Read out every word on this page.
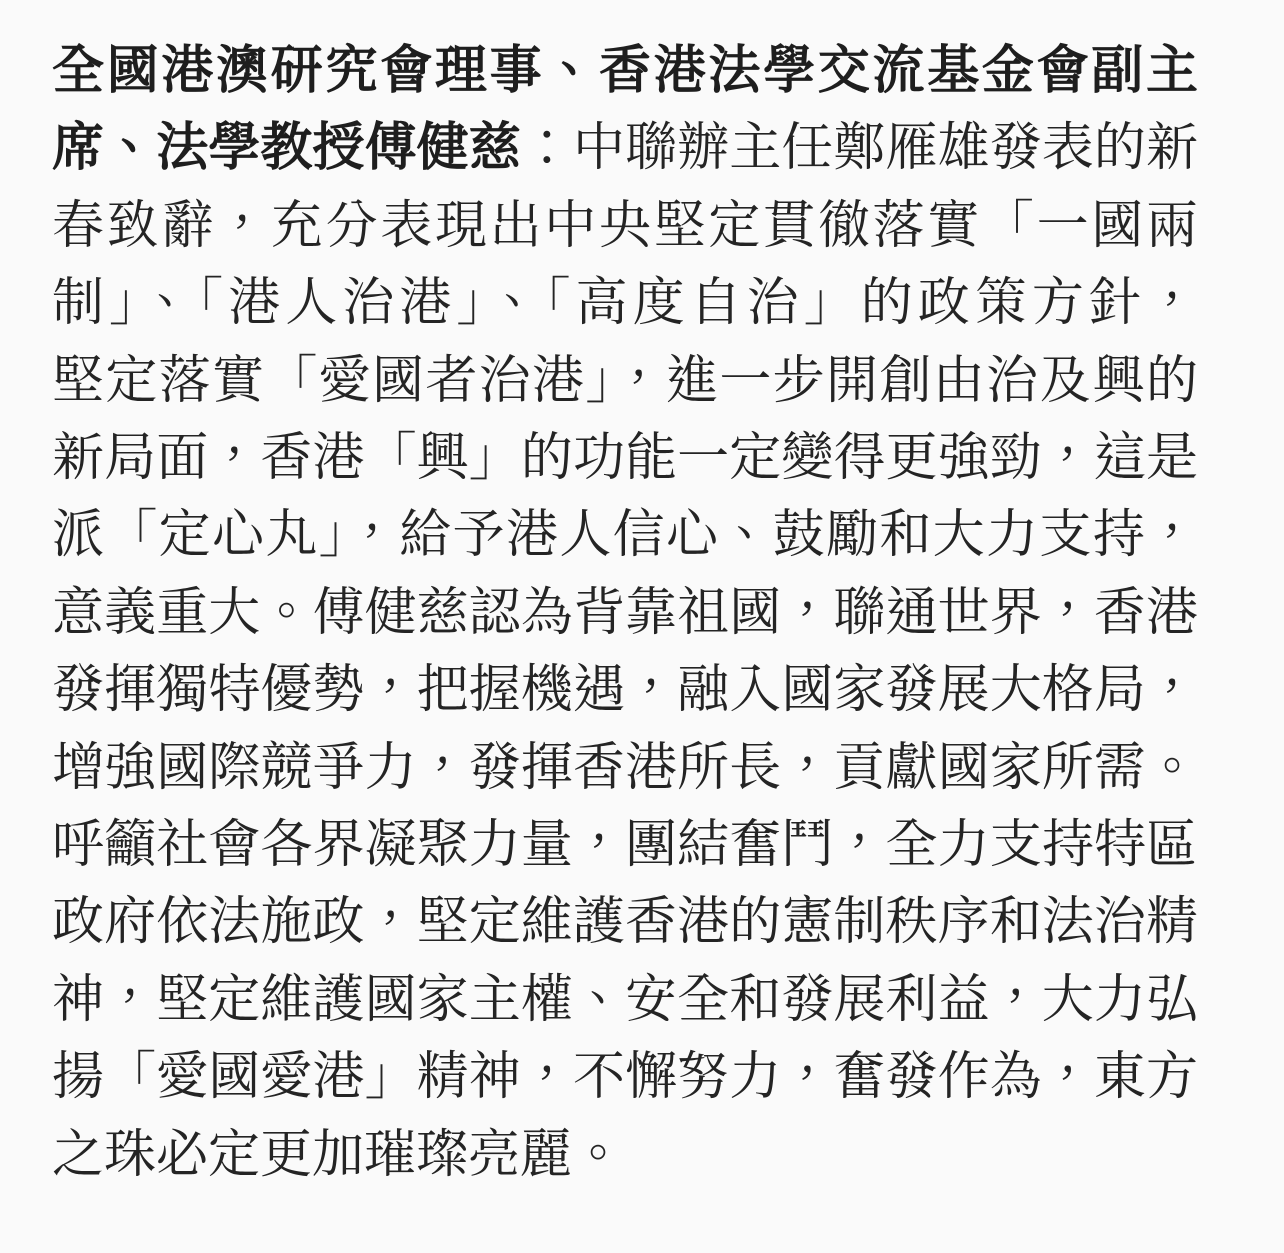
全國港澳研究會理事、香港法學交流基金會副主
席、法學教授傅健慈：中聯辦主任鄭雁雄發表的新
春致辭，充分表現出中央堅定貫徹落實「一國兩
制」、「港人治港」、「高度自治」的政策方針，
堅定落實「愛國者治港」，進一步開創由治及興的
新局面，香港「興」的功能一定變得更強勁，這是
派「定心丸」，給予港人信心、鼓勵和大力支持，
意義重大。傅健慈認為背靠祖國，聯通世界，香港
發揮獨特優勢，把握機遇，融入國家發展大格局，
增強國際競爭力，發揮香港所長，貢獻國家所需。
呼籲社會各界凝聚力量，團結奮鬥，全力支持特區
政府依法施政，堅定維護香港的憲制秩序和法治精
神，堅定維護國家主權、安全和發展利益，大力弘
揚「愛國愛港」精神，不懈努力，奮發作為，東方
之珠必定更加璀璨亮麗。
